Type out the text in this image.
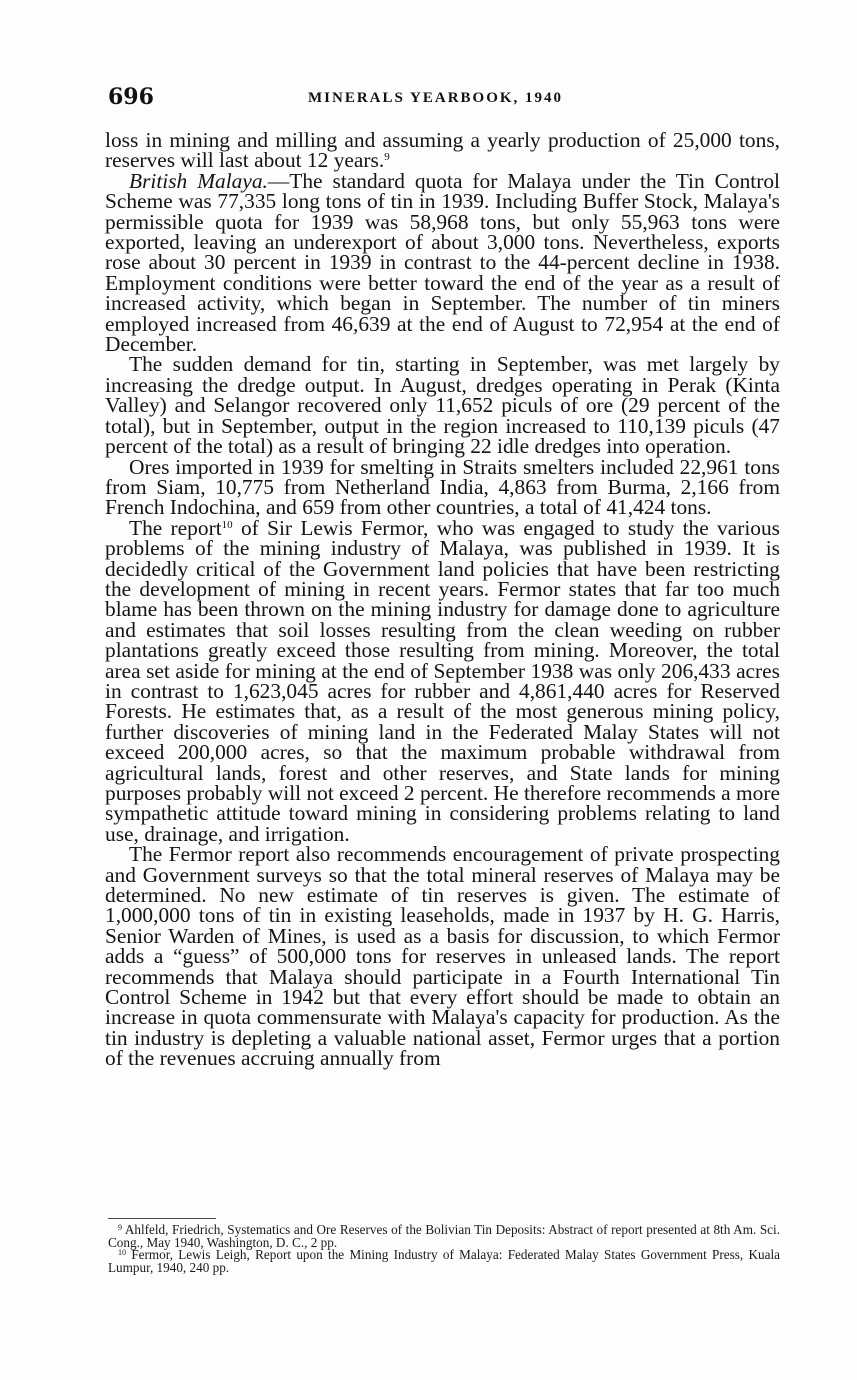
696	MINERALS YEARBOOK, 1940

loss in mining and milling and assuming a yearly production of 25,000 tons, reserves will last about 12 years.$^9$

British Malaya.—The standard quota for Malaya under the Tin Control Scheme was 77,335 long tons of tin in 1939. Including Buffer Stock, Malaya's permissible quota for 1939 was 58,968 tons, but only 55,963 tons were exported, leaving an underexport of about 3,000 tons. Nevertheless, exports rose about 30 percent in 1939 in contrast to the 44-percent decline in 1938. Employment conditions were better toward the end of the year as a result of increased activity, which began in September. The number of tin miners employed increased from 46,639 at the end of August to 72,954 at the end of December.

The sudden demand for tin, starting in September, was met largely by increasing the dredge output. In August, dredges operating in Perak (Kinta Valley) and Selangor recovered only 11,652 piculs of ore (29 percent of the total), but in September, output in the region increased to 110,139 piculs (47 percent of the total) as a result of bringing 22 idle dredges into operation.

Ores imported in 1939 for smelting in Straits smelters included 22,961 tons from Siam, 10,775 from Netherland India, 4,863 from Burma, 2,166 from French Indochina, and 659 from other countries, a total of 41,424 tons.

The report$^{10}$ of Sir Lewis Fermor, who was engaged to study the various problems of the mining industry of Malaya, was published in 1939. It is decidedly critical of the Government land policies that have been restricting the development of mining in recent years. Fermor states that far too much blame has been thrown on the mining industry for damage done to agriculture and estimates that soil losses resulting from the clean weeding on rubber plantations greatly exceed those resulting from mining. Moreover, the total area set aside for mining at the end of September 1938 was only 206,433 acres in contrast to 1,623,045 acres for rubber and 4,861,440 acres for Reserved Forests. He estimates that, as a result of the most generous mining policy, further discoveries of mining land in the Federated Malay States will not exceed 200,000 acres, so that the maximum probable withdrawal from agricultural lands, forest and other reserves, and State lands for mining purposes probably will not exceed 2 percent. He therefore recommends a more sympathetic attitude toward mining in considering problems relating to land use, drainage, and irrigation.

The Fermor report also recommends encouragement of private prospecting and Government surveys so that the total mineral reserves of Malaya may be determined. No new estimate of tin reserves is given. The estimate of 1,000,000 tons of tin in existing leaseholds, made in 1937 by H. G. Harris, Senior Warden of Mines, is used as a basis for discussion, to which Fermor adds a “guess” of 500,000 tons for reserves in unleased lands. The report recommends that Malaya should participate in a Fourth International Tin Control Scheme in 1942 but that every effort should be made to obtain an increase in quota commensurate with Malaya's capacity for production. As the tin industry is depleting a valuable national asset, Fermor urges that a portion of the revenues accruing annually from

$^9$ Ahlfeld, Friedrich, Systematics and Ore Reserves of the Bolivian Tin Deposits: Abstract of report presented at 8th Am. Sci. Cong., May 1940, Washington, D. C., 2 pp.

$^{10}$ Fermor, Lewis Leigh, Report upon the Mining Industry of Malaya: Federated Malay States Government Press, Kuala Lumpur, 1940, 240 pp.
